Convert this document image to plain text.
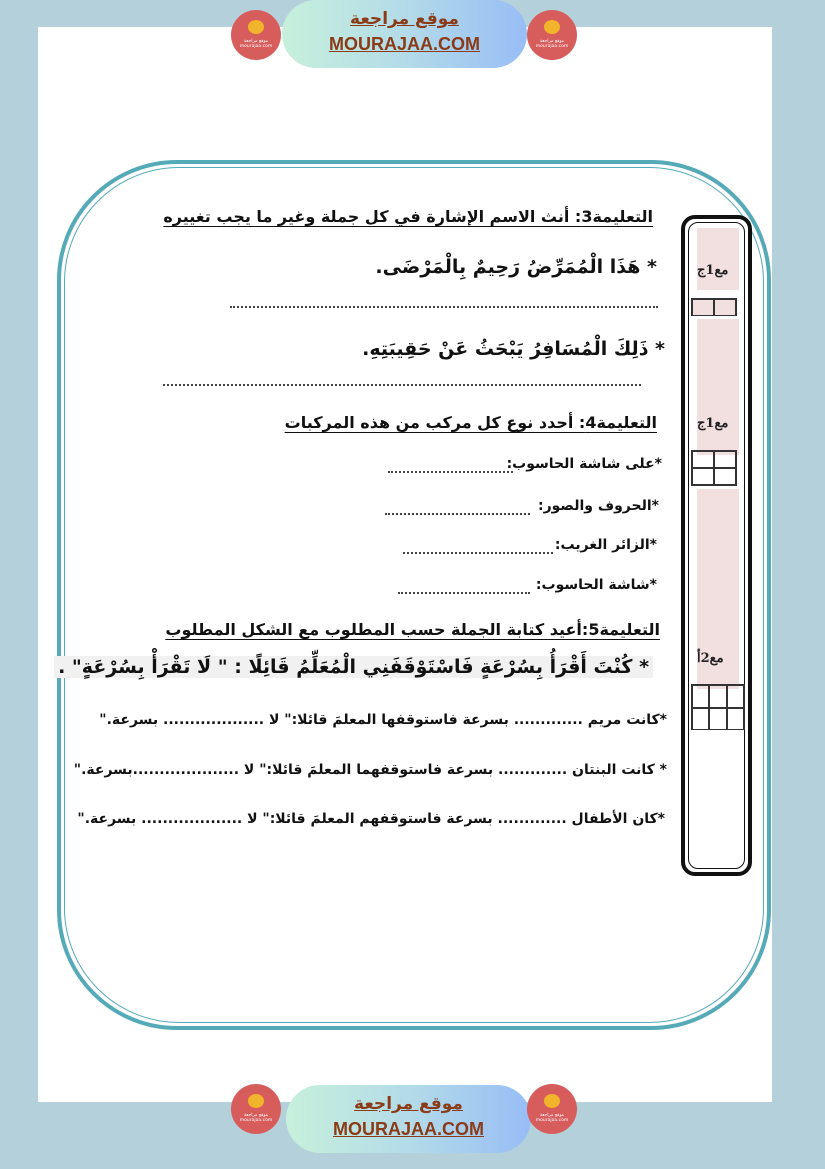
موقع مراجعة mourajaa.com
موقع مراجعة
MOURAJAA.COM	موقع مراجعة mourajaa.com
مع1ج
مع1ج
مع2أ
التعليمة3: أنث الاسم الإشارة في كل جملة وغير ما يجب تغييره
* هَذَا الْمُمَرِّضُ رَحِيمٌ بِالْمَرْضَى.
* ذَلِكَ الْمُسَافِرُ يَبْحَثُ عَنْ حَقِيبَتِهِ.
التعليمة4: أحدد نوع كل مركب من هذه المركبات
*على شاشة الحاسوب:
*الحروف والصور:
*الزائر الغريب:
*شاشة الحاسوب:
التعليمة5:أعيد كتابة الجملة حسب المطلوب مع الشكل المطلوب
* كُنْتَ أَقْرَأُ بِسُرْعَةٍ فَاسْتَوْقَفَنِي الْمُعَلِّمُ قَائِلًا : " لَا تَقْرَأْ بِسُرْعَةٍ" .
*كانت مريم ............. بسرعة فاستوقفها المعلمَ قائلا:" لا ................... بسرعة."
* كانت البنتان ............. بسرعة فاستوقفهما المعلمَ قائلا:" لا ....................بسرعة."
*كان الأطفال ............. بسرعة فاستوقفهم المعلمَ قائلا:" لا ................... بسرعة."
موقع مراجعة mourajaa.com
موقع مراجعة
MOURAJAA.COM
موقع مراجعة mourajaa.com
